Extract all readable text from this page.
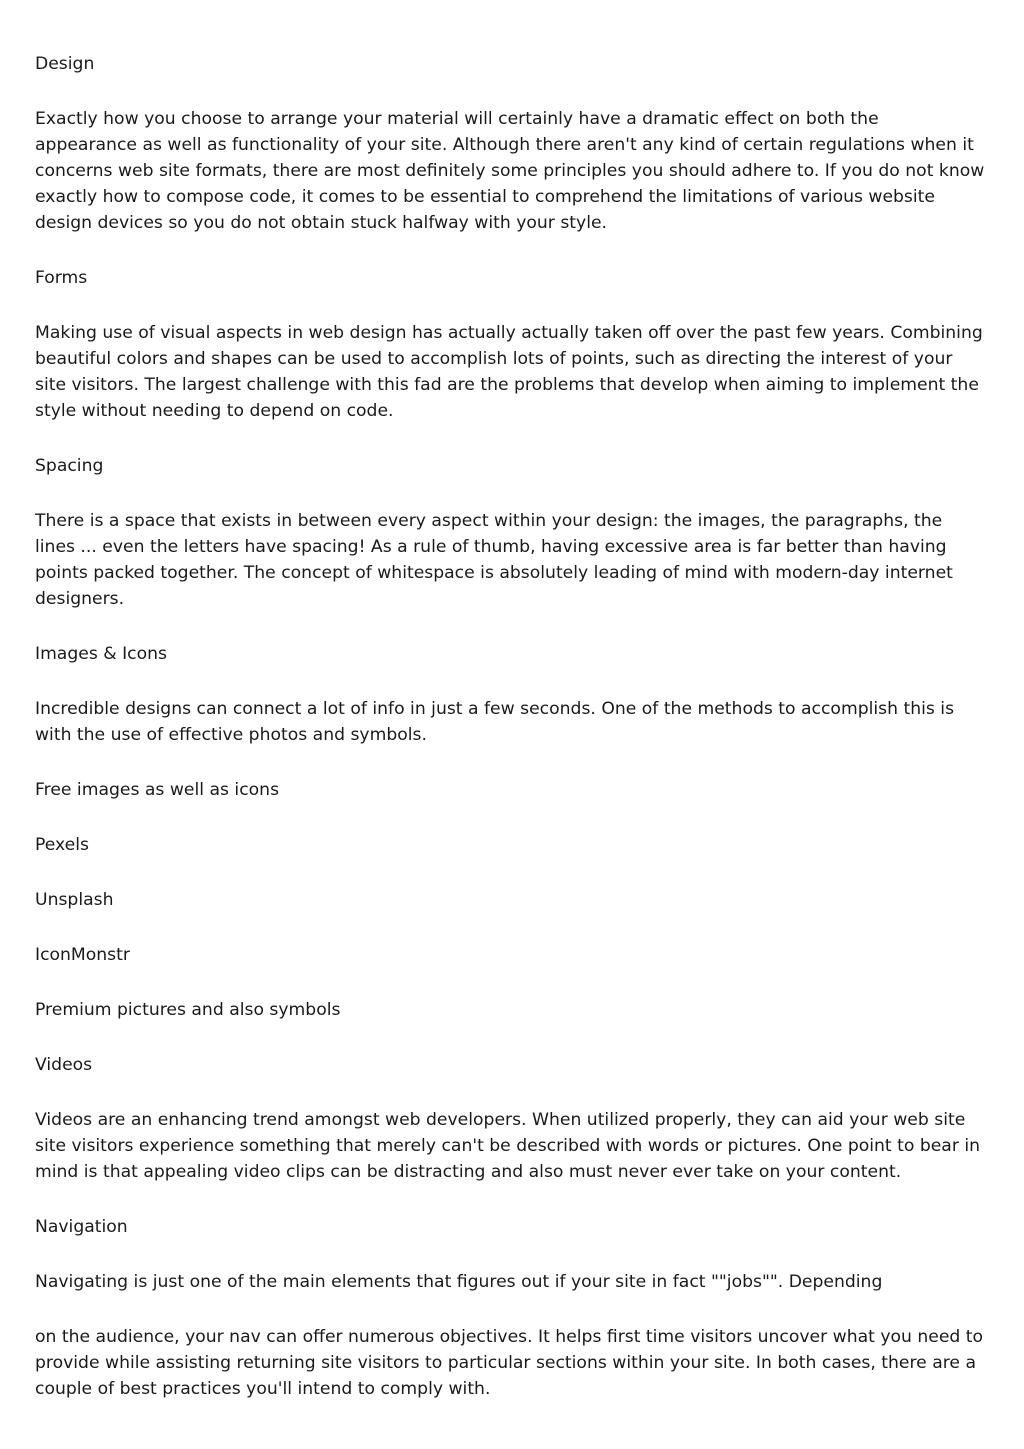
Design

Exactly how you choose to arrange your material will certainly have a dramatic effect on both the appearance as well as functionality of your site. Although there aren't any kind of certain regulations when it concerns web site formats, there are most definitely some principles you should adhere to. If you do not know exactly how to compose code, it comes to be essential to comprehend the limitations of various website design devices so you do not obtain stuck halfway with your style.

Forms

Making use of visual aspects in web design has actually actually taken off over the past few years. Combining beautiful colors and shapes can be used to accomplish lots of points, such as directing the interest of your site visitors. The largest challenge with this fad are the problems that develop when aiming to implement the style without needing to depend on code.

Spacing

There is a space that exists in between every aspect within your design: the images, the paragraphs, the lines ... even the letters have spacing! As a rule of thumb, having excessive area is far better than having points packed together. The concept of whitespace is absolutely leading of mind with modern-day internet designers.

Images & Icons

Incredible designs can connect a lot of info in just a few seconds. One of the methods to accomplish this is with the use of effective photos and symbols.

Free images as well as icons

Pexels

Unsplash

IconMonstr

Premium pictures and also symbols

Videos

Videos are an enhancing trend amongst web developers. When utilized properly, they can aid your web site site visitors experience something that merely can't be described with words or pictures. One point to bear in mind is that appealing video clips can be distracting and also must never ever take on your content.

Navigation

Navigating is just one of the main elements that figures out if your site in fact ""jobs"". Depending

on the audience, your nav can offer numerous objectives. It helps first time visitors uncover what you need to provide while assisting returning site visitors to particular sections within your site. In both cases, there are a couple of best practices you'll intend to comply with.
